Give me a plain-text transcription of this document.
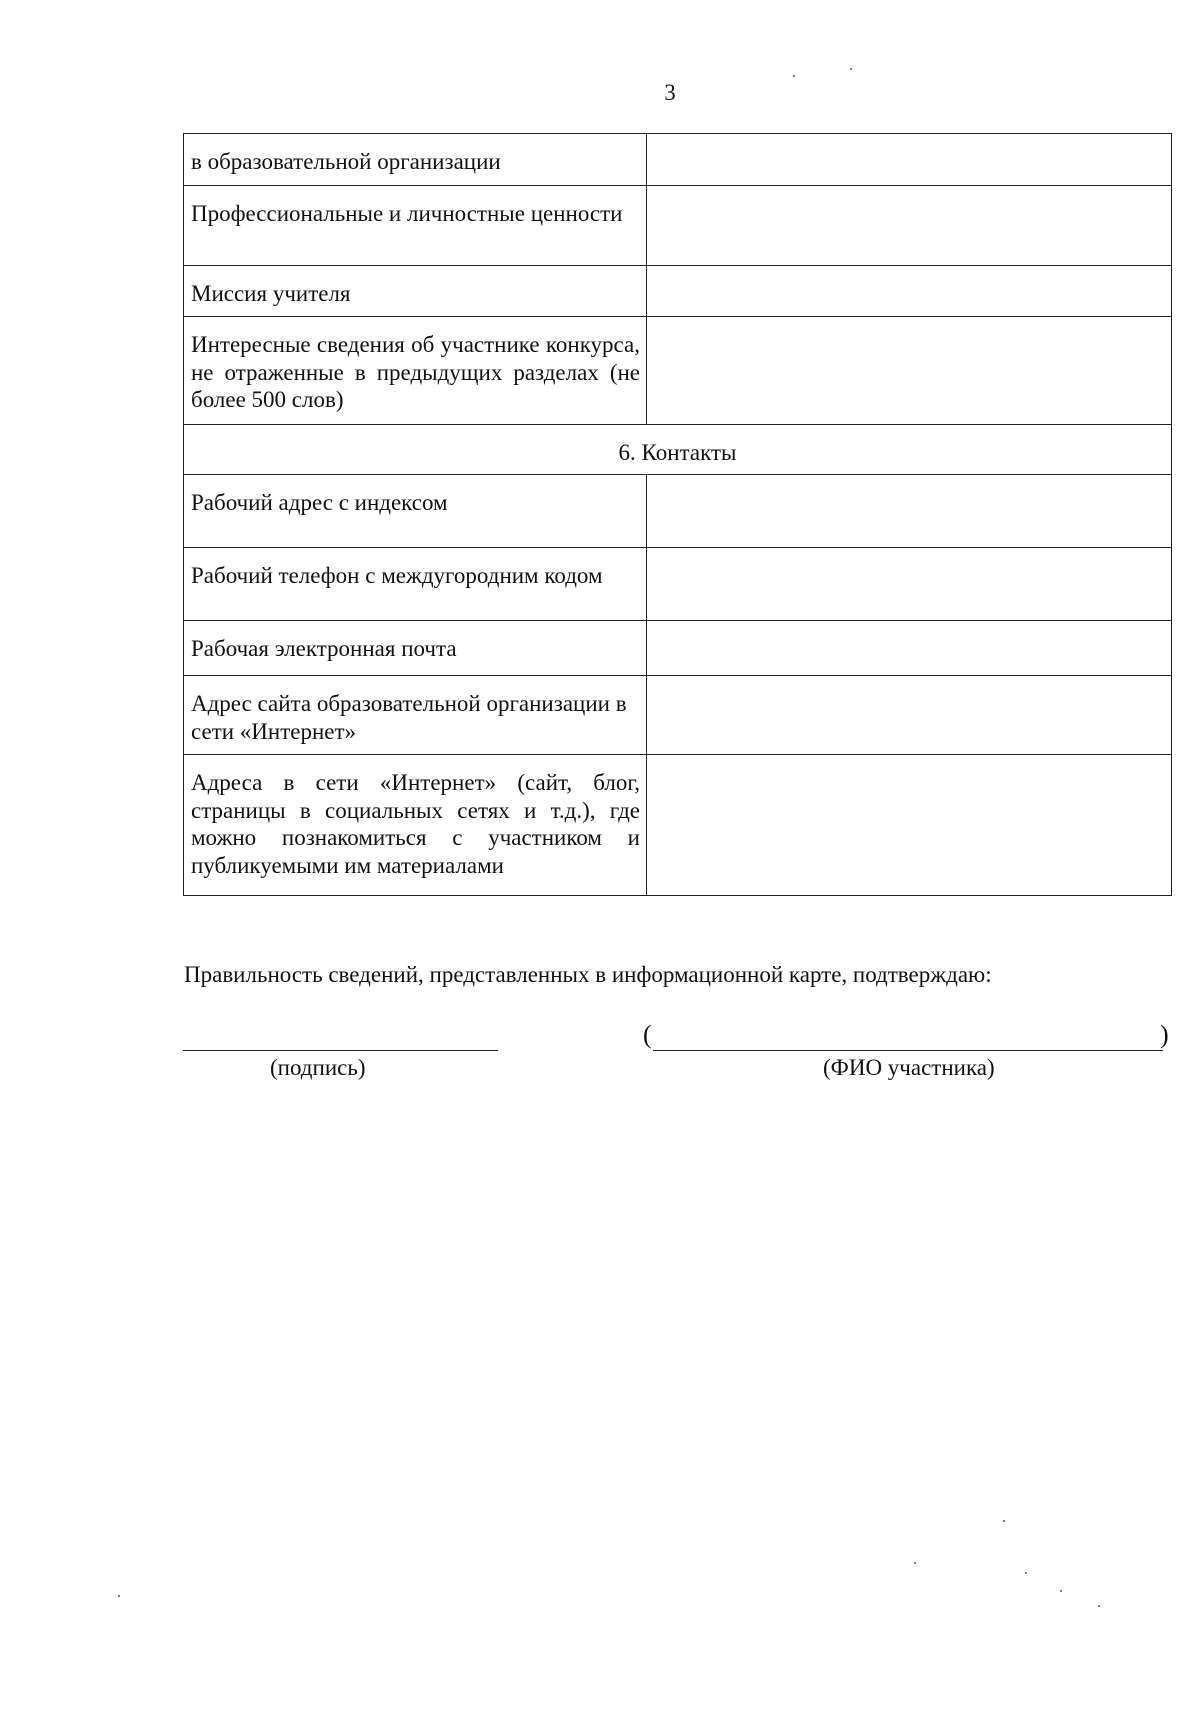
3
в образовательной организации	
Профессиональные и личностные ценности	
Миссия учителя	
Интересные сведения об участнике конкурса, не отраженные в предыдущих разделах (не более 500 слов)	
6. Контакты	
Рабочий адрес с индексом	
Рабочий телефон с междугородним кодом	
Рабочая электронная почта	
Адрес сайта образовательной организации в сети «Интернет»	
Адреса в сети «Интернет» (сайт, блог, страницы в социальных сетях и т.д.), где можно познакомиться с участником и публикуемыми им материалами	
Правильность сведений, представленных в информационной карте, подтверждаю:
(подпись)
(	)
(ФИО участника)
